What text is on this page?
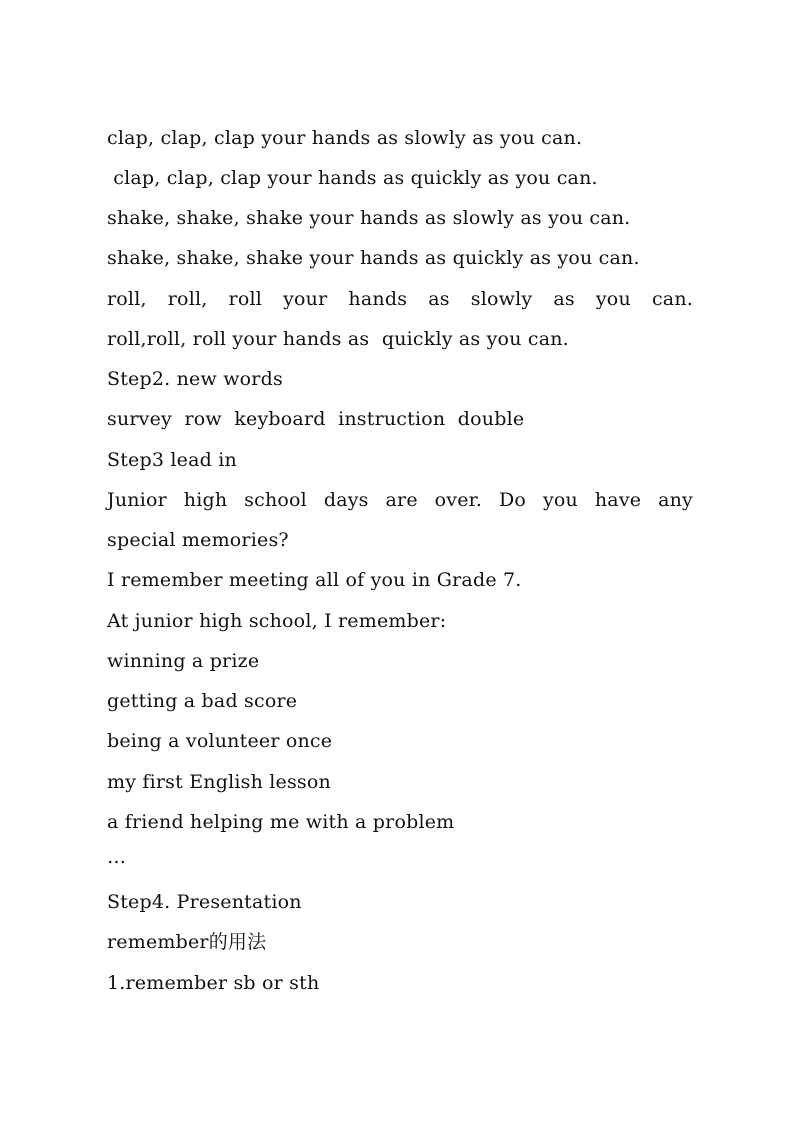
clap, clap, clap your hands as slowly as you can.
clap, clap, clap your hands as quickly as you can.
shake, shake, shake your hands as slowly as you can.
shake, shake, shake your hands as quickly as you can.
roll, roll, roll your hands as slowly as you can.
roll,roll, roll your hands as  quickly as you can.
Step2. new words
survey  row  keyboard  instruction  double
Step3 lead in
Junior high school days are over. Do you have any
special memories?
I remember meeting all of you in Grade 7.
At junior high school, I remember:
winning a prize
getting a bad score
being a volunteer once
my first English lesson
a friend helping me with a problem
…
Step4. Presentation
remember的用法
1.remember sb or sth
